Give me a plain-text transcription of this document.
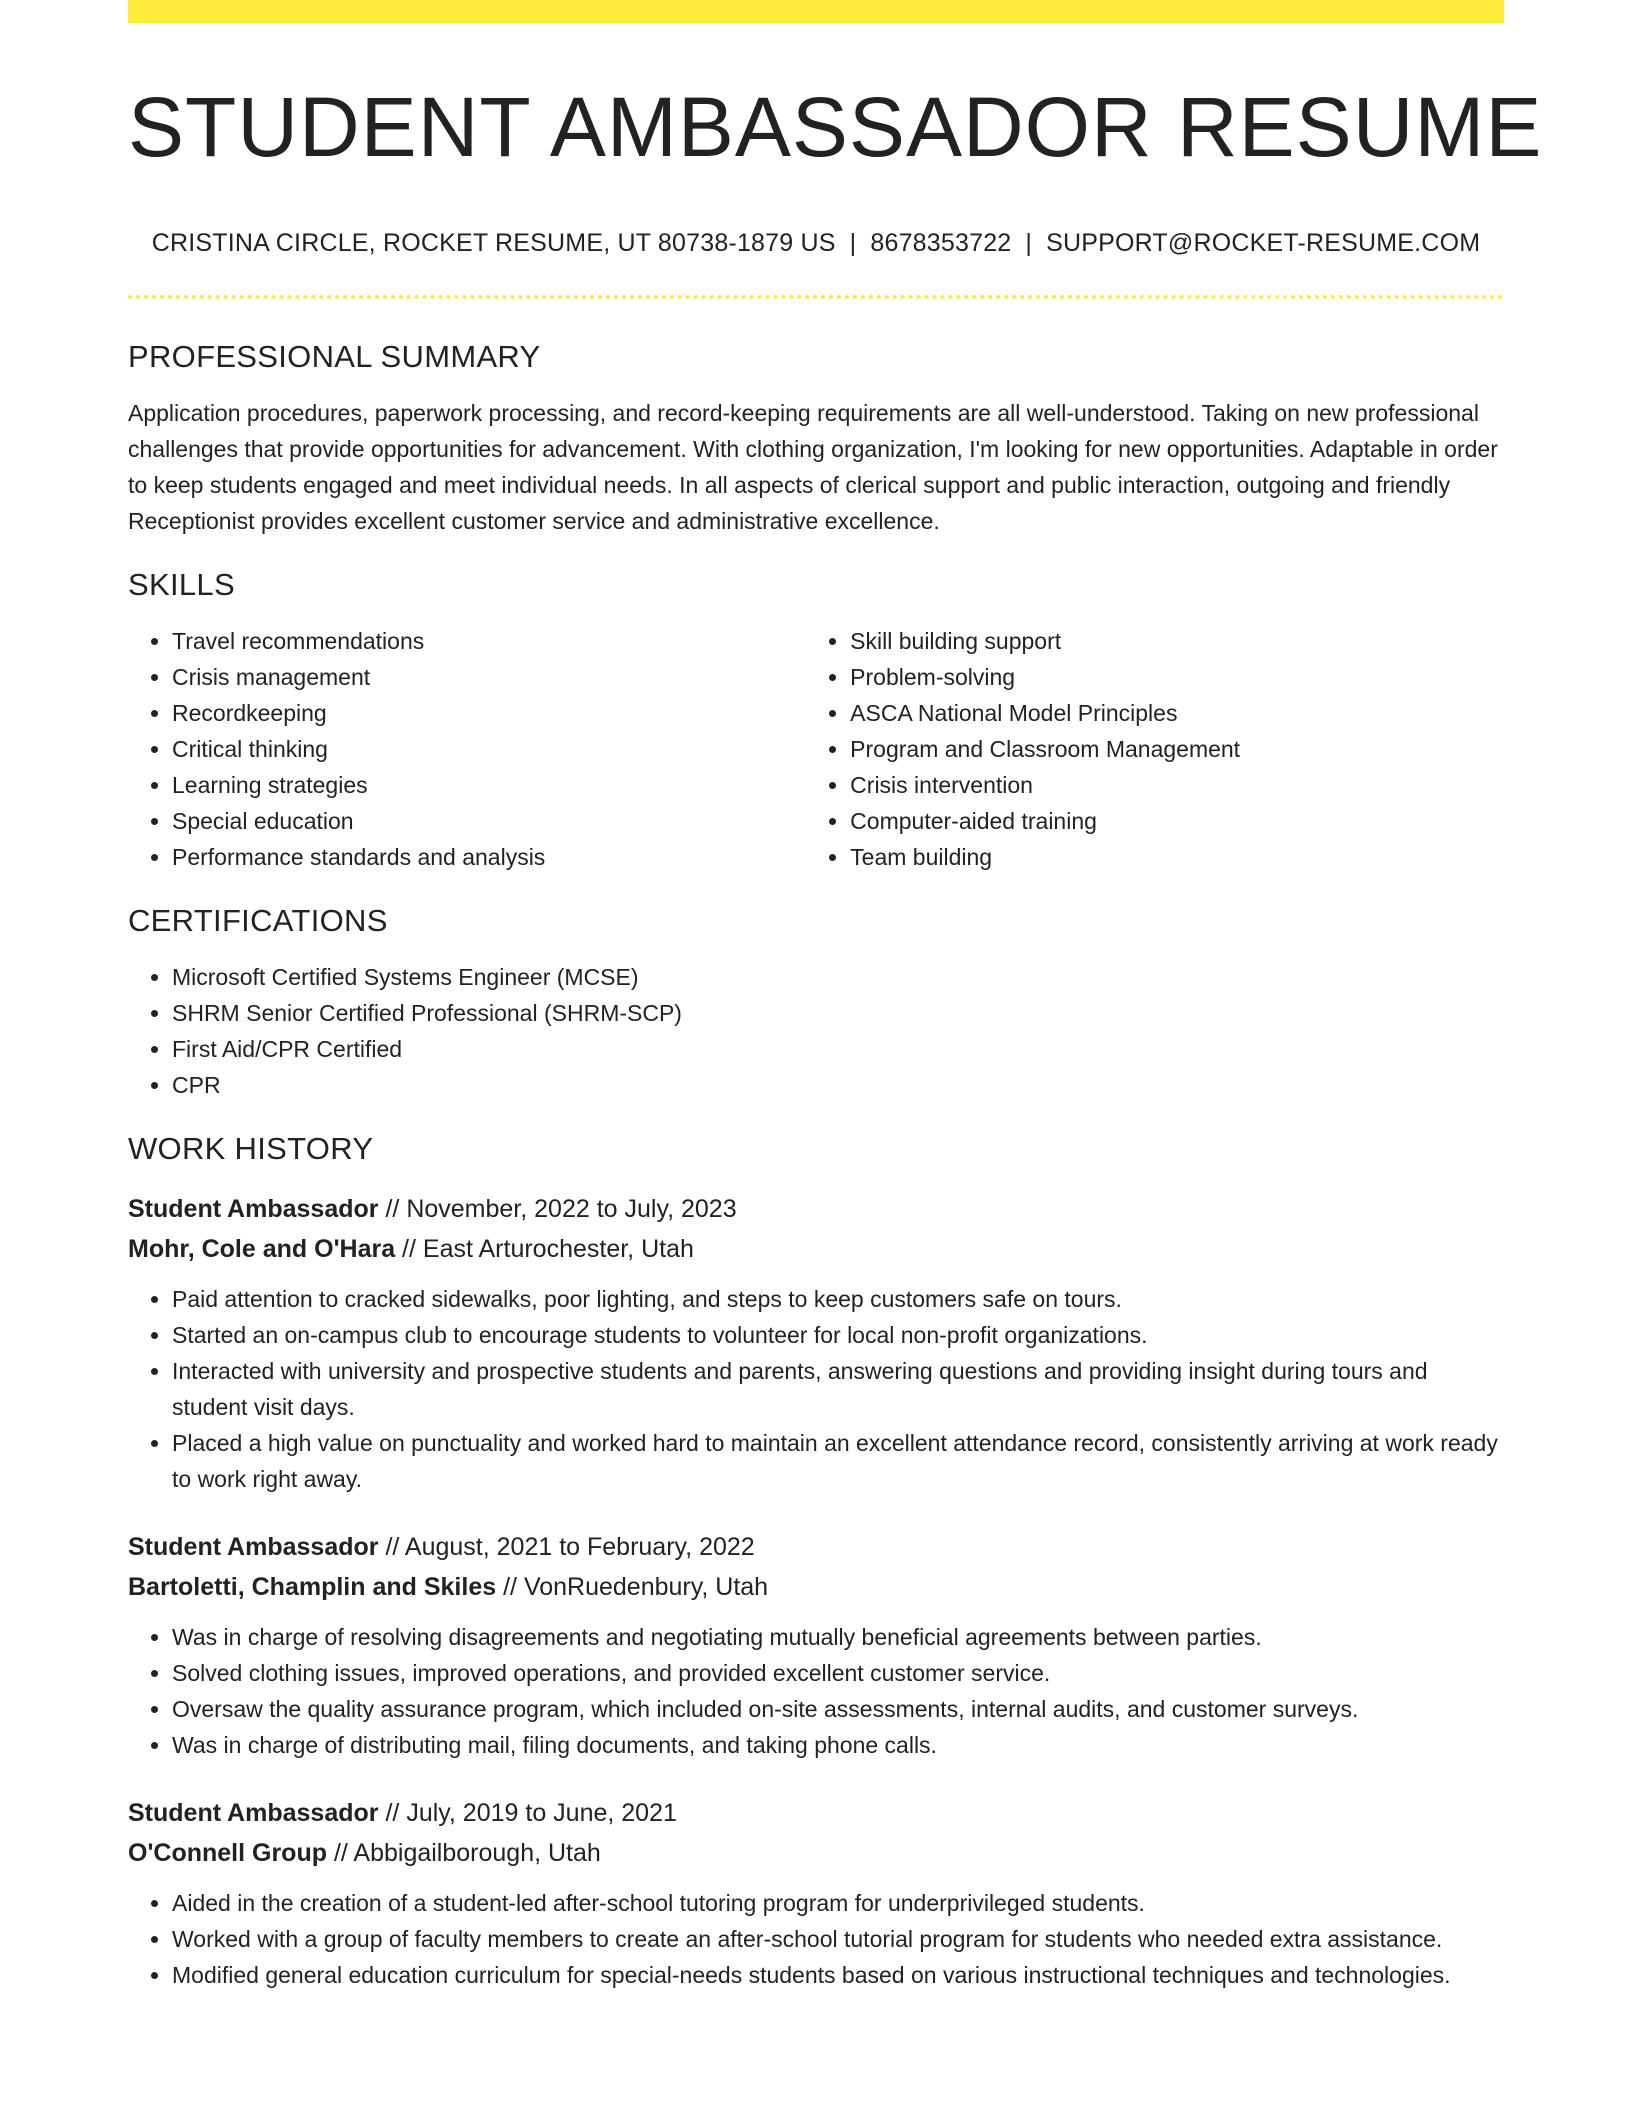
STUDENT AMBASSADOR RESUME
CRISTINA CIRCLE, ROCKET RESUME, UT 80738-1879 US | 8678353722 | SUPPORT@ROCKET-RESUME.COM
PROFESSIONAL SUMMARY

Application procedures, paperwork processing, and record-keeping requirements are all well-understood. Taking on new professional challenges that provide opportunities for advancement. With clothing organization, I'm looking for new opportunities. Adaptable in order to keep students engaged and meet individual needs. In all aspects of clerical support and public interaction, outgoing and friendly Receptionist provides excellent customer service and administrative excellence.

SKILLS
• Travel recommendations
• Crisis management
• Recordkeeping
• Critical thinking
• Learning strategies
• Special education
• Performance standards and analysis
• Skill building support
• Problem-solving
• ASCA National Model Principles
• Program and Classroom Management
• Crisis intervention
• Computer-aided training
• Team building
CERTIFICATIONS
• Microsoft Certified Systems Engineer (MCSE)
• SHRM Senior Certified Professional (SHRM-SCP)
• First Aid/CPR Certified
• CPR
WORK HISTORY
Student Ambassador // November, 2022 to July, 2023
Mohr, Cole and O'Hara // East Arturochester, Utah
• Paid attention to cracked sidewalks, poor lighting, and steps to keep customers safe on tours.
• Started an on-campus club to encourage students to volunteer for local non-profit organizations.
• Interacted with university and prospective students and parents, answering questions and providing insight during tours and student visit days.
• Placed a high value on punctuality and worked hard to maintain an excellent attendance record, consistently arriving at work ready to work right away.
Student Ambassador // August, 2021 to February, 2022
Bartoletti, Champlin and Skiles // VonRuedenbury, Utah
• Was in charge of resolving disagreements and negotiating mutually beneficial agreements between parties.
• Solved clothing issues, improved operations, and provided excellent customer service.
• Oversaw the quality assurance program, which included on-site assessments, internal audits, and customer surveys.
• Was in charge of distributing mail, filing documents, and taking phone calls.
Student Ambassador // July, 2019 to June, 2021
O'Connell Group // Abbigailborough, Utah
• Aided in the creation of a student-led after-school tutoring program for underprivileged students.
• Worked with a group of faculty members to create an after-school tutorial program for students who needed extra assistance.
• Modified general education curriculum for special-needs students based on various instructional techniques and technologies.
